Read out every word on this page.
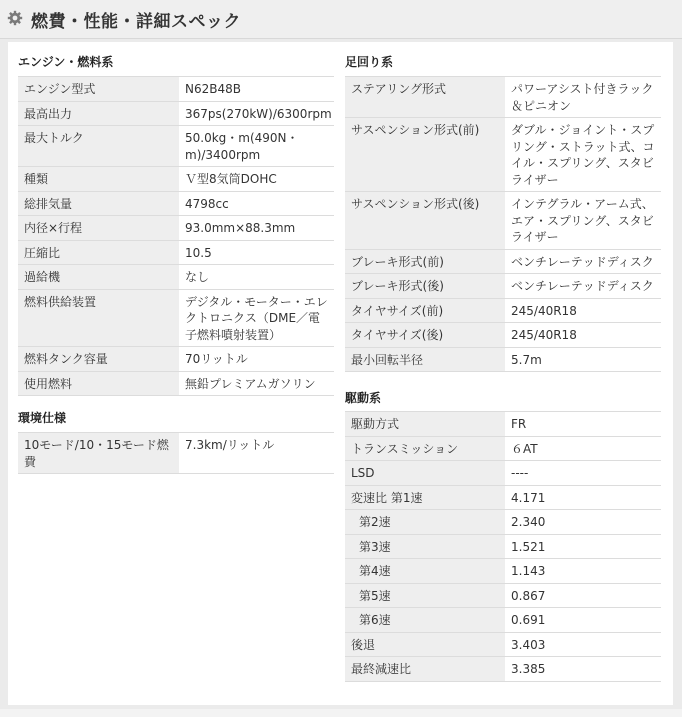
燃費・性能・詳細スペック
エンジン・燃料系
エンジン型式	N62B48B
最高出力	367ps(270kW)/6300rpm
最大トルク	50.0kg・m(490N・m)/3400rpm
種類	Ｖ型8気筒DOHC
総排気量	4798cc
内径×行程	93.0mm×88.3mm
圧縮比	10.5
過給機	なし
燃料供給装置	デジタル・モーター・エレクトロニクス（DME／電子燃料噴射装置）
燃料タンク容量	70リットル
使用燃料	無鉛プレミアムガソリン
環境仕様
10モード/10・15モード燃費	7.3km/リットル
足回り系
ステアリング形式	パワーアシスト付きラック＆ピニオン
サスペンション形式(前)	ダブル・ジョイント・スプリング・ストラット式、コイル・スプリング、スタビライザー
サスペンション形式(後)	インテグラル・アーム式、エア・スプリング、スタビライザー
ブレーキ形式(前)	ベンチレーテッドディスク
ブレーキ形式(後)	ベンチレーテッドディスク
タイヤサイズ(前)	245/40R18
タイヤサイズ(後)	245/40R18
最小回転半径	5.7m
駆動系
駆動方式	FR
トランスミッション	６AT
LSD	----
変速比 第1速	4.171
第2速	2.340
第3速	1.521
第4速	1.143
第5速	0.867
第6速	0.691
後退	3.403
最終減速比	3.385
